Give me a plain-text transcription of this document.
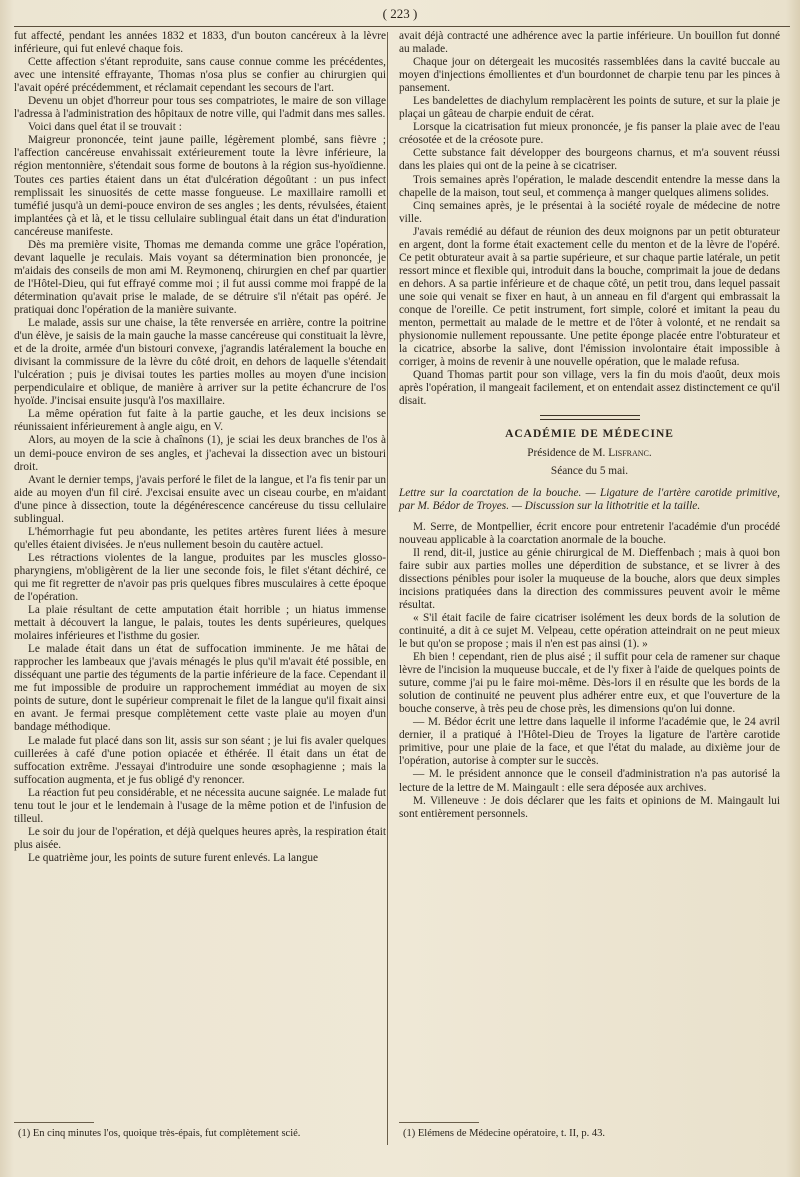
( 223 )

fut affecté, pendant les années 1832 et 1833, d'un bouton cancéreux à la lèvre inférieure, qui fut enlevé chaque fois.

Cette affection s'étant reproduite, sans cause connue comme les précédentes, avec une intensité effrayante, Thomas n'osa plus se confier au chirurgien qui l'avait opéré précédemment, et réclamait cependant les secours de l'art.

Devenu un objet d'horreur pour tous ses compatriotes, le maire de son village l'adressa à l'administration des hôpitaux de notre ville, qui l'admit dans mes salles.

Voici dans quel état il se trouvait :

Maigreur prononcée, teint jaune paille, légèrement plombé, sans fièvre ; l'affection cancéreuse envahissait extérieurement toute la lèvre inférieure, la région mentonnière, s'étendait sous forme de boutons à la région sus-hyoïdienne. Toutes ces parties étaient dans un état d'ulcération dégoûtant : un pus infect remplissait les sinuosités de cette masse fongueuse. Le maxillaire ramolli et tuméfié jusqu'à un demi-pouce environ de ses angles ; les dents, révulsées, étaient implantées çà et là, et le tissu cellulaire sublingual était dans un état d'induration cancéreuse manifeste.

Dès ma première visite, Thomas me demanda comme une grâce l'opération, devant laquelle je reculais. Mais voyant sa détermination bien prononcée, je m'aidais des conseils de mon ami M. Reymonenq, chirurgien en chef par quartier de l'Hôtel-Dieu, qui fut effrayé comme moi ; il fut aussi comme moi frappé de la détermination qu'avait prise le malade, de se détruire s'il n'était pas opéré. Je pratiquai donc l'opération de la manière suivante.

Le malade, assis sur une chaise, la tête renversée en arrière, contre la poitrine d'un élève, je saisis de la main gauche la masse cancéreuse qui constituait la lèvre, et de la droite, armée d'un bistouri convexe, j'agrandis latéralement la bouche en divisant la commissure de la lèvre du côté droit, en dehors de laquelle s'étendait l'ulcération ; puis je divisai toutes les parties molles au moyen d'une incision perpendiculaire et oblique, de manière à arriver sur la petite échancrure de l'os hyoïde. J'incisai ensuite jusqu'à l'os maxillaire.

La même opération fut faite à la partie gauche, et les deux incisions se réunissaient inférieurement à angle aigu, en V.

Alors, au moyen de la scie à chaînons (1), je sciai les deux branches de l'os à un demi-pouce environ de ses angles, et j'achevai la dissection avec un bistouri droit.

Avant le dernier temps, j'avais perforé le filet de la langue, et l'a fis tenir par un aide au moyen d'un fil ciré. J'excisai ensuite avec un ciseau courbe, en m'aidant d'une pince à dissection, toute la dégénérescence cancéreuse du tissu cellulaire sublingual.

L'hémorrhagie fut peu abondante, les petites artères furent liées à mesure qu'elles étaient divisées. Je n'eus nullement besoin du cautère actuel.

Les rétractions violentes de la langue, produites par les muscles glosso-pharyngiens, m'obligèrent de la lier une seconde fois, le filet s'étant déchiré, ce qui me fit regretter de n'avoir pas pris quelques fibres musculaires à cette époque de l'opération.

La plaie résultant de cette amputation était horrible ; un hiatus immense mettait à découvert la langue, le palais, toutes les dents supérieures, quelques molaires inférieures et l'isthme du gosier.

Le malade était dans un état de suffocation imminente. Je me hâtai de rapprocher les lambeaux que j'avais ménagés le plus qu'il m'avait été possible, en disséquant une partie des téguments de la partie inférieure de la face. Cependant il me fut impossible de produire un rapprochement immédiat au moyen de six points de suture, dont le supérieur comprenait le filet de la langue qu'il fixait ainsi en avant. Je fermai presque complètement cette vaste plaie au moyen d'un bandage méthodique.

Le malade fut placé dans son lit, assis sur son séant ; je lui fis avaler quelques cuillerées à café d'une potion opiacée et éthérée. Il était dans un état de suffocation extrême. J'essayai d'introduire une sonde œsophagienne ; mais la suffocation augmenta, et je fus obligé d'y renoncer.

La réaction fut peu considérable, et ne nécessita aucune saignée. Le malade fut tenu tout le jour et le lendemain à l'usage de la même potion et de l'infusion de tilleul.

Le soir du jour de l'opération, et déjà quelques heures après, la respiration était plus aisée.

Le quatrième jour, les points de suture furent enlevés. La langue

avait déjà contracté une adhérence avec la partie inférieure. Un bouillon fut donné au malade.

Chaque jour on détergeait les mucosités rassemblées dans la cavité buccale au moyen d'injections émollientes et d'un bourdonnet de charpie tenu par les pinces à pansement.

Les bandelettes de diachylum remplacèrent les points de suture, et sur la plaie je plaçai un gâteau de charpie enduit de cérat.

Lorsque la cicatrisation fut mieux prononcée, je fis panser la plaie avec de l'eau créosotée et de la créosote pure.

Cette substance fait développer des bourgeons charnus, et m'a souvent réussi dans les plaies qui ont de la peine à se cicatriser.

Trois semaines après l'opération, le malade descendit entendre la messe dans la chapelle de la maison, tout seul, et commença à manger quelques alimens solides.

Cinq semaines après, je le présentai à la société royale de médecine de notre ville.

J'avais remédié au défaut de réunion des deux moignons par un petit obturateur en argent, dont la forme était exactement celle du menton et de la lèvre de l'opéré. Ce petit obturateur avait à sa partie supérieure, et sur chaque partie latérale, un petit ressort mince et flexible qui, introduit dans la bouche, comprimait la joue de dedans en dehors. A sa partie inférieure et de chaque côté, un petit trou, dans lequel passait une soie qui venait se fixer en haut, à un anneau en fil d'argent qui embrassait la conque de l'oreille. Ce petit instrument, fort simple, coloré et imitant la peau du menton, permettait au malade de le mettre et de l'ôter à volonté, et ne rendait sa physionomie nullement repoussante. Une petite éponge placée entre l'obturateur et la cicatrice, absorbe la salive, dont l'émission involontaire était impossible à corriger, à moins de revenir à une nouvelle opération, que le malade refusa.

Quand Thomas partit pour son village, vers la fin du mois d'août, deux mois après l'opération, il mangeait facilement, et on entendait assez distinctement ce qu'il disait.

ACADÉMIE DE MÉDECINE

Présidence de M. Lisfranc.

Séance du 5 mai.

Lettre sur la coarctation de la bouche. — Ligature de l'artère carotide primitive, par M. Bédor de Troyes. — Discussion sur la lithotritie et la taille.

M. Serre, de Montpellier, écrit encore pour entretenir l'académie d'un procédé nouveau applicable à la coarctation anormale de la bouche.

Il rend, dit-il, justice au génie chirurgical de M. Dieffenbach ; mais à quoi bon faire subir aux parties molles une déperdition de substance, et se livrer à des dissections pénibles pour isoler la muqueuse de la bouche, alors que deux simples incisions pratiquées dans la direction des commissures peuvent avoir le même résultat.

« S'il était facile de faire cicatriser isolément les deux bords de la solution de continuité, a dit à ce sujet M. Velpeau, cette opération atteindrait on ne peut mieux le but qu'on se propose ; mais il n'en est pas ainsi (1). »

Eh bien ! cependant, rien de plus aisé ; il suffit pour cela de ramener sur chaque lèvre de l'incision la muqueuse buccale, et de l'y fixer à l'aide de quelques points de suture, comme j'ai pu le faire moi-même. Dès-lors il en résulte que les bords de la solution de continuité ne peuvent plus adhérer entre eux, et que l'ouverture de la bouche conserve, à très peu de chose près, les dimensions qu'on lui donne.

— M. Bédor écrit une lettre dans laquelle il informe l'académie que, le 24 avril dernier, il a pratiqué à l'Hôtel-Dieu de Troyes la ligature de l'artère carotide primitive, pour une plaie de la face, et que l'état du malade, au dixième jour de l'opération, autorise à compter sur le succès.

— M. le président annonce que le conseil d'administration n'a pas autorisé la lecture de la lettre de M. Maingault : elle sera déposée aux archives.

M. Villeneuve : Je dois déclarer que les faits et opinions de M. Maingault lui sont entièrement personnels.

(1) En cinq minutes l'os, quoique très-épais, fut complètement scié.	(1) Elémens de Médecine opératoire, t. II, p. 43.
